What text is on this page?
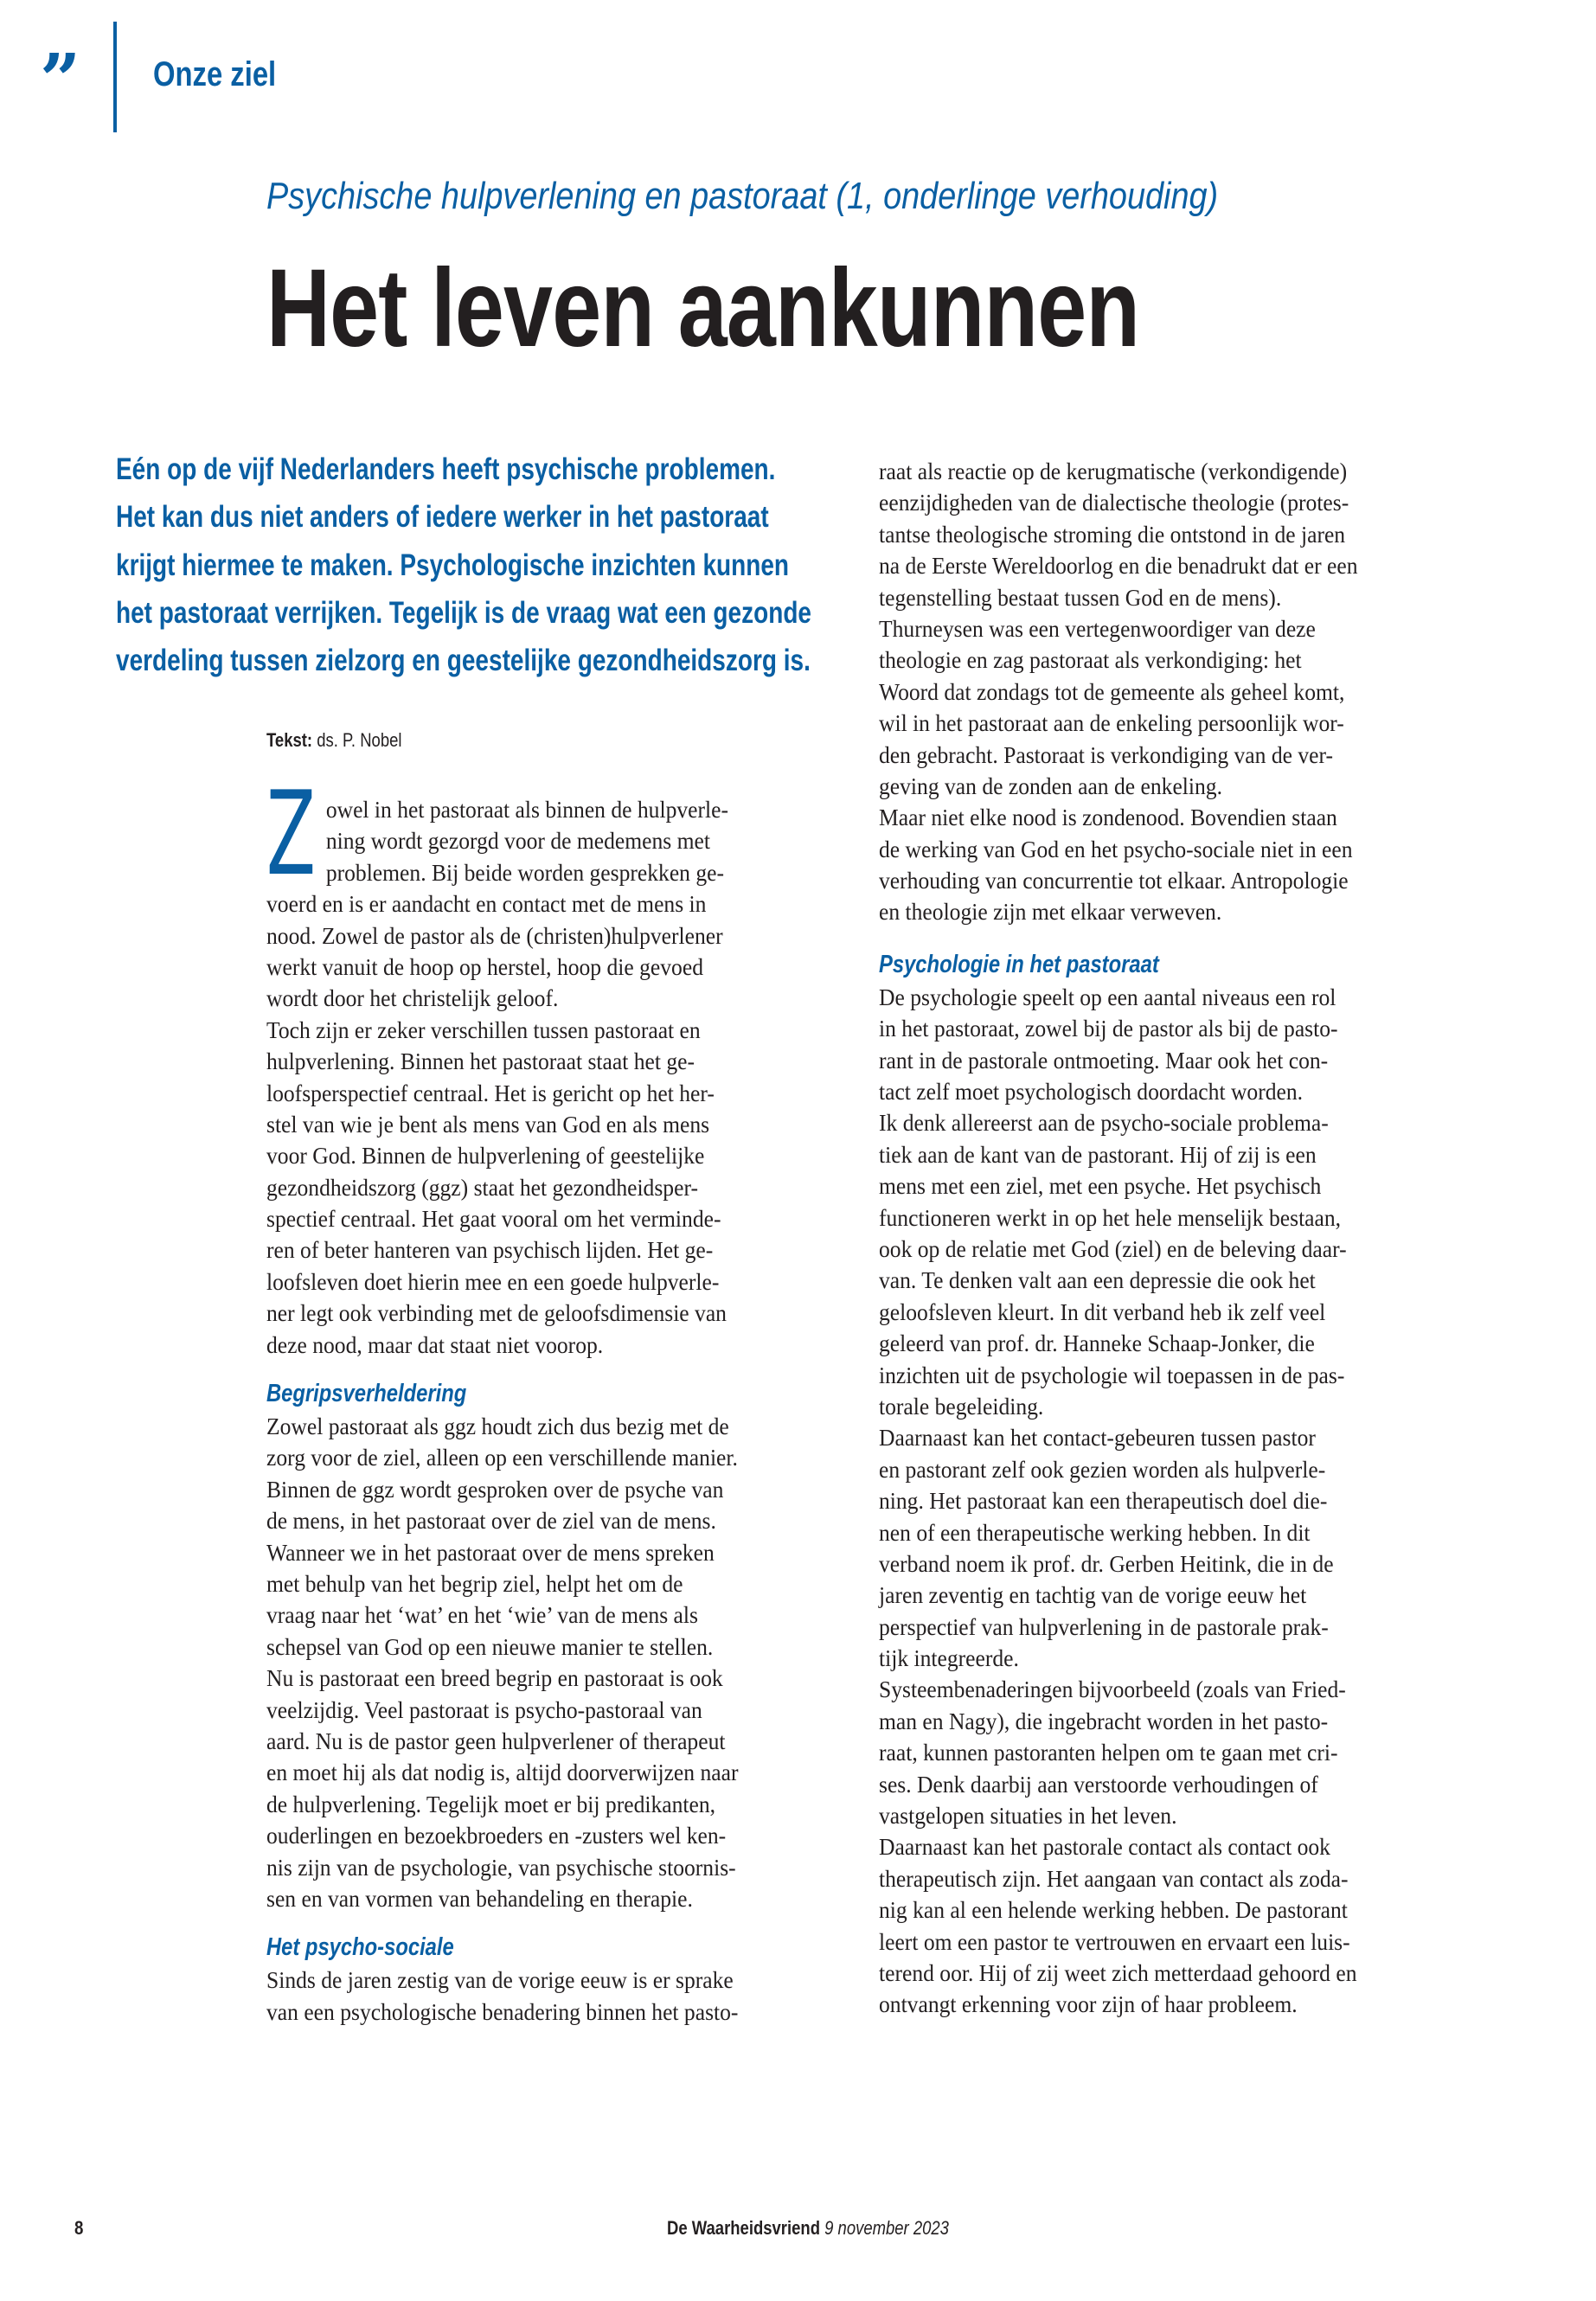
” Onze ziel
Psychische hulpverlening en pastoraat (1, onderlinge verhouding)
Het leven aankunnen
Eén op de vijf Nederlanders heeft psychische problemen.
Het kan dus niet anders of iedere werker in het pastoraat
krijgt hiermee te maken. Psychologische inzichten kunnen
het pastoraat verrijken. Tegelijk is de vraag wat een gezonde
verdeling tussen zielzorg en geestelijke gezondheidszorg is.
Tekst: ds. P. Nobel
Z owel in het pastoraat als binnen de hulpverle-
ning wordt gezorgd voor de medemens met
problemen. Bij beide worden gesprekken ge-
voerd en is er aandacht en contact met de mens in
nood. Zowel de pastor als de (christen)hulpverlener
werkt vanuit de hoop op herstel, hoop die gevoed
wordt door het christelijk geloof.
Toch zijn er zeker verschillen tussen pastoraat en
hulpverlening. Binnen het pastoraat staat het ge-
loofsperspectief centraal. Het is gericht op het her-
stel van wie je bent als mens van God en als mens
voor God. Binnen de hulpverlening of geestelijke
gezondheidszorg (ggz) staat het gezondheidsper-
spectief centraal. Het gaat vooral om het verminde-
ren of beter hanteren van psychisch lijden. Het ge-
loofsleven doet hierin mee en een goede hulpverle-
ner legt ook verbinding met de geloofsdimensie van
deze nood, maar dat staat niet voorop.
Begripsverheldering
Zowel pastoraat als ggz houdt zich dus bezig met de
zorg voor de ziel, alleen op een verschillende manier.
Binnen de ggz wordt gesproken over de psyche van
de mens, in het pastoraat over de ziel van de mens.
Wanneer we in het pastoraat over de mens spreken
met behulp van het begrip ziel, helpt het om de
vraag naar het ‘wat’ en het ‘wie’ van de mens als
schepsel van God op een nieuwe manier te stellen.
Nu is pastoraat een breed begrip en pastoraat is ook
veelzijdig. Veel pastoraat is psycho-pastoraal van
aard. Nu is de pastor geen hulpverlener of therapeut
en moet hij als dat nodig is, altijd doorverwijzen naar
de hulpverlening. Tegelijk moet er bij predikanten,
ouderlingen en bezoekbroeders en -zusters wel ken-
nis zijn van de psychologie, van psychische stoornis-
sen en van vormen van behandeling en therapie.
Het psycho-sociale
Sinds de jaren zestig van de vorige eeuw is er sprake
van een psychologische benadering binnen het pasto-
raat als reactie op de kerugmatische (verkondigende)
eenzijdigheden van de dialectische theologie (protes-
tantse theologische stroming die ontstond in de jaren
na de Eerste Wereldoorlog en die benadrukt dat er een
tegenstelling bestaat tussen God en de mens).
Thurneysen was een vertegenwoordiger van deze
theologie en zag pastoraat als verkondiging: het
Woord dat zondags tot de gemeente als geheel komt,
wil in het pastoraat aan de enkeling persoonlijk wor-
den gebracht. Pastoraat is verkondiging van de ver-
geving van de zonden aan de enkeling.
Maar niet elke nood is zondenood. Bovendien staan
de werking van God en het psycho-sociale niet in een
verhouding van concurrentie tot elkaar. Antropologie
en theologie zijn met elkaar verweven.
Psychologie in het pastoraat
De psychologie speelt op een aantal niveaus een rol
in het pastoraat, zowel bij de pastor als bij de pasto-
rant in de pastorale ontmoeting. Maar ook het con-
tact zelf moet psychologisch doordacht worden.
Ik denk allereerst aan de psycho-sociale problema-
tiek aan de kant van de pastorant. Hij of zij is een
mens met een ziel, met een psyche. Het psychisch
functioneren werkt in op het hele menselijk bestaan,
ook op de relatie met God (ziel) en de beleving daar-
van. Te denken valt aan een depressie die ook het
geloofsleven kleurt. In dit verband heb ik zelf veel
geleerd van prof. dr. Hanneke Schaap-Jonker, die
inzichten uit de psychologie wil toepassen in de pas-
torale begeleiding.
Daarnaast kan het contact-gebeuren tussen pastor
en pastorant zelf ook gezien worden als hulpverle-
ning. Het pastoraat kan een therapeutisch doel die-
nen of een therapeutische werking hebben. In dit
verband noem ik prof. dr. Gerben Heitink, die in de
jaren zeventig en tachtig van de vorige eeuw het
perspectief van hulpverlening in de pastorale prak-
tijk integreerde.
Systeembenaderingen bijvoorbeeld (zoals van Fried-
man en Nagy), die ingebracht worden in het pasto-
raat, kunnen pastoranten helpen om te gaan met cri-
ses. Denk daarbij aan verstoorde verhoudingen of
vastgelopen situaties in het leven.
Daarnaast kan het pastorale contact als contact ook
therapeutisch zijn. Het aangaan van contact als zoda-
nig kan al een helende werking hebben. De pastorant
leert om een pastor te vertrouwen en ervaart een luis-
terend oor. Hij of zij weet zich metterdaad gehoord en
ontvangt erkenning voor zijn of haar probleem.
8	De Waarheidsvriend 9 november 2023
